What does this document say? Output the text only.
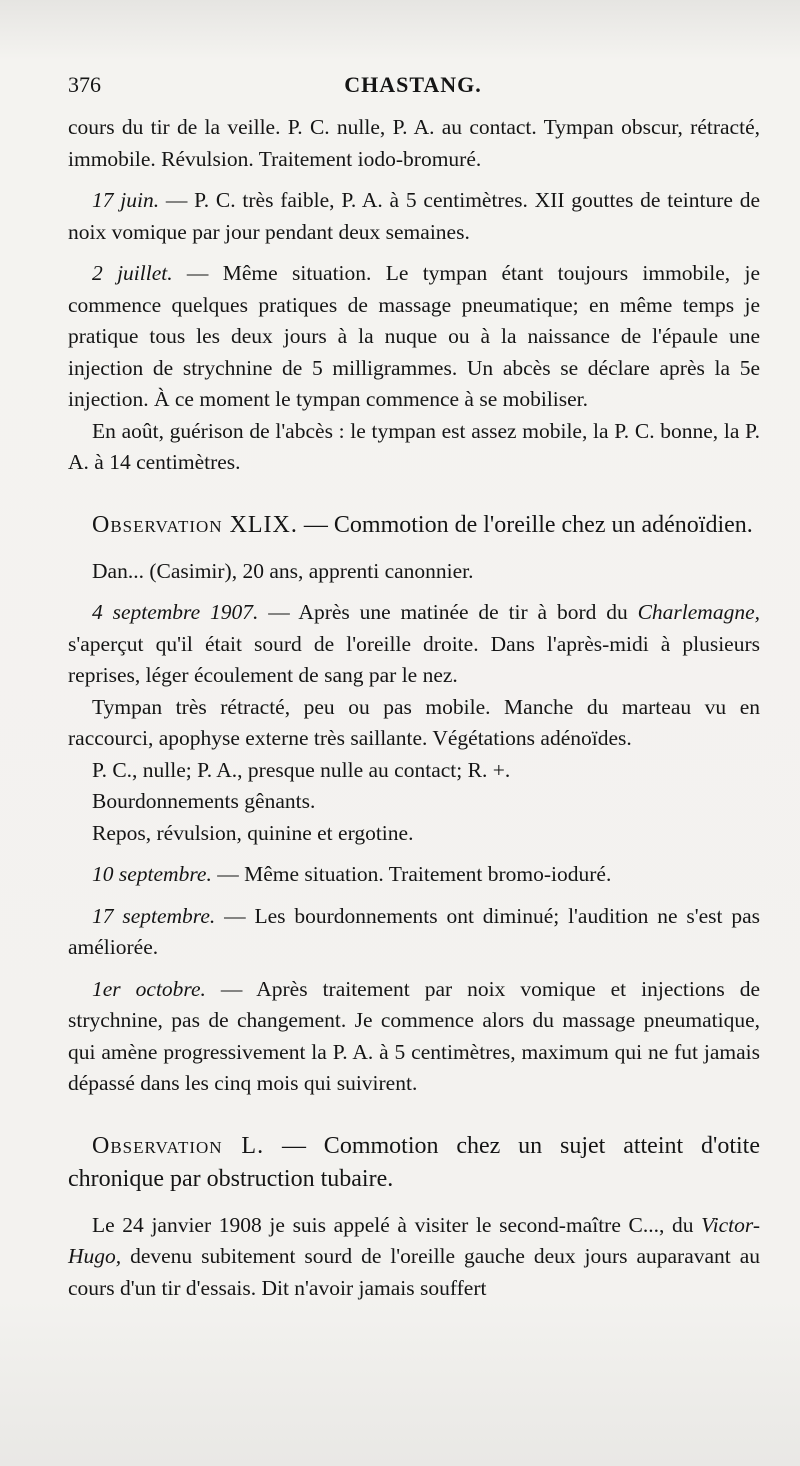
376	CHASTANG.

cours du tir de la veille. P. C. nulle, P. A. au contact. Tympan obscur, rétracté, immobile. Révulsion. Traitement iodo-bromuré.

17 juin. — P. C. très faible, P. A. à 5 centimètres. XII gouttes de teinture de noix vomique par jour pendant deux semaines.

2 juillet. — Même situation. Le tympan étant toujours immobile, je commence quelques pratiques de massage pneumatique; en même temps je pratique tous les deux jours à la nuque ou à la naissance de l'épaule une injection de strychnine de 5 milligrammes. Un abcès se déclare après la 5e injection. À ce moment le tympan commence à se mobiliser.

En août, guérison de l'abcès : le tympan est assez mobile, la P. C. bonne, la P. A. à 14 centimètres.

Observation XLIX. — Commotion de l'oreille chez un adénoïdien.

Dan... (Casimir), 20 ans, apprenti canonnier.

4 septembre 1907. — Après une matinée de tir à bord du Charlemagne, s'aperçut qu'il était sourd de l'oreille droite. Dans l'après-midi à plusieurs reprises, léger écoulement de sang par le nez.

Tympan très rétracté, peu ou pas mobile. Manche du marteau vu en raccourci, apophyse externe très saillante. Végétations adénoïdes.

P. C., nulle; P. A., presque nulle au contact; R. +.

Bourdonnements gênants.

Repos, révulsion, quinine et ergotine.

10 septembre. — Même situation. Traitement bromo-ioduré.

17 septembre. — Les bourdonnements ont diminué; l'audition ne s'est pas améliorée.

1er octobre. — Après traitement par noix vomique et injections de strychnine, pas de changement. Je commence alors du massage pneumatique, qui amène progressivement la P. A. à 5 centimètres, maximum qui ne fut jamais dépassé dans les cinq mois qui suivirent.

Observation L. — Commotion chez un sujet atteint d'otite chronique par obstruction tubaire.

Le 24 janvier 1908 je suis appelé à visiter le second-maître C..., du Victor-Hugo, devenu subitement sourd de l'oreille gauche deux jours auparavant au cours d'un tir d'essais. Dit n'avoir jamais souffert
